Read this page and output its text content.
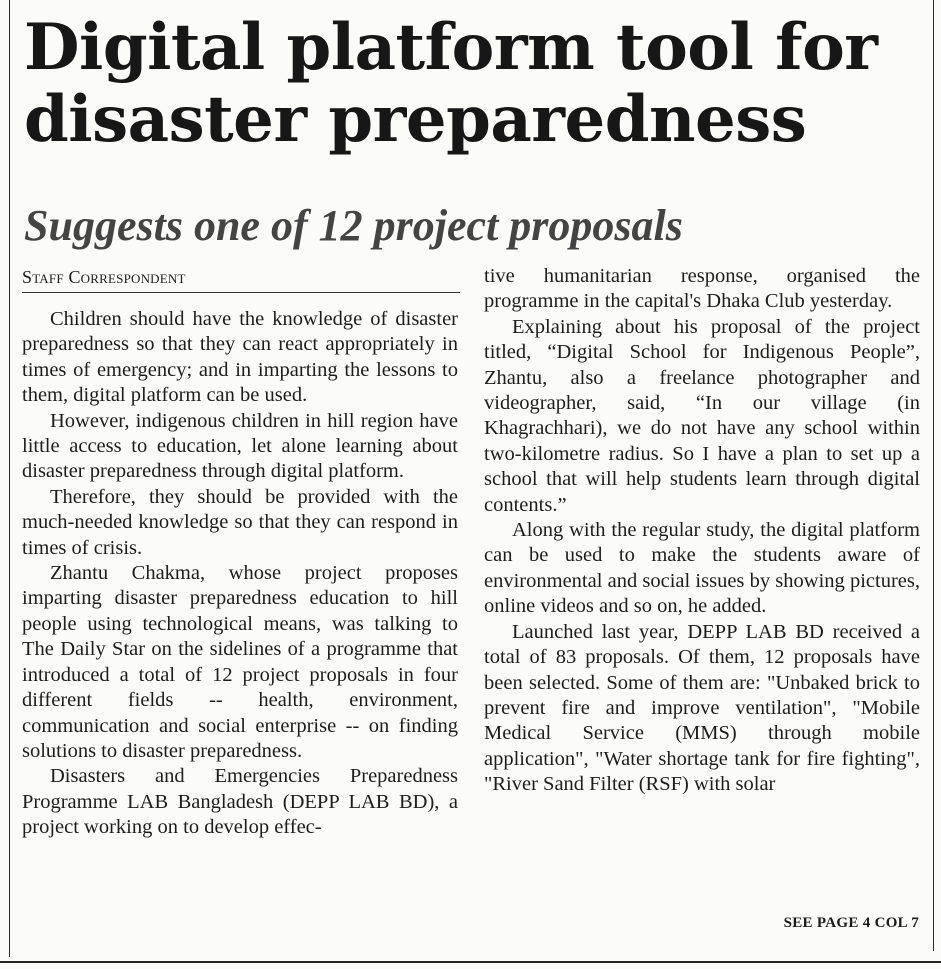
Digital platform tool for disaster preparedness
Suggests one of 12 project proposals
Staff Correspondent

Children should have the knowledge of disaster preparedness so that they can react appropriately in times of emergency; and in imparting the lessons to them, digital platform can be used.

However, indigenous children in hill region have little access to education, let alone learning about disaster preparedness through digital platform.

Therefore, they should be provided with the much-needed knowledge so that they can respond in times of crisis.

Zhantu Chakma, whose project proposes imparting disaster preparedness education to hill people using technological means, was talking to The Daily Star on the sidelines of a programme that introduced a total of 12 project proposals in four different fields -- health, environment, communication and social enterprise -- on finding solutions to disaster preparedness.

Disasters and Emergencies Preparedness Programme LAB Bangladesh (DEPP LAB BD), a project working on to develop effec-

tive humanitarian response, organised the programme in the capital's Dhaka Club yesterday.

Explaining about his proposal of the project titled, “Digital School for Indigenous People”, Zhantu, also a freelance photographer and videographer, said, “In our village (in Khagrachhari), we do not have any school within two-kilometre radius. So I have a plan to set up a school that will help students learn through digital contents.”

Along with the regular study, the digital platform can be used to make the students aware of environmental and social issues by showing pictures, online videos and so on, he added.

Launched last year, DEPP LAB BD received a total of 83 proposals. Of them, 12 proposals have been selected. Some of them are: "Unbaked brick to prevent fire and improve ventilation", "Mobile Medical Service (MMS) through mobile application", "Water shortage tank for fire fighting", "River Sand Filter (RSF) with solar

SEE PAGE 4 COL 7
